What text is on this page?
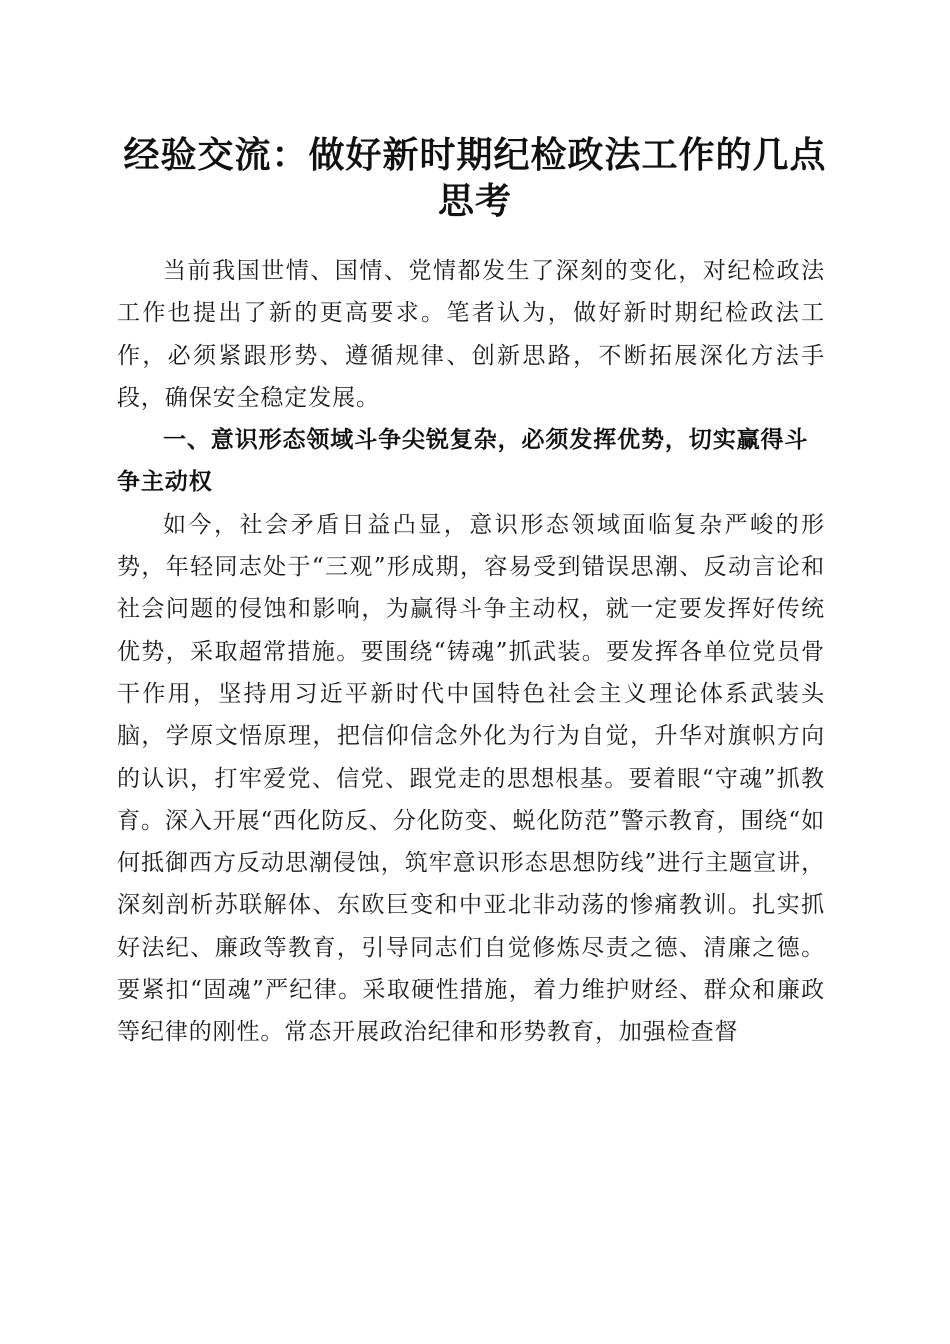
经验交流：做好新时期纪检政法工作的几点思考

当前我国世情、国情、党情都发生了深刻的变化，对纪检政法工作也提出了新的更高要求。笔者认为，做好新时期纪检政法工作，必须紧跟形势、遵循规律、创新思路，不断拓展深化方法手段，确保安全稳定发展。

一、意识形态领域斗争尖锐复杂，必须发挥优势，切实赢得斗争主动权

如今，社会矛盾日益凸显，意识形态领域面临复杂严峻的形势，年轻同志处于“三观”形成期，容易受到错误思潮、反动言论和社会问题的侵蚀和影响，为赢得斗争主动权，就一定要发挥好传统优势，采取超常措施。要围绕“铸魂”抓武装。要发挥各单位党员骨干作用，坚持用习近平新时代中国特色社会主义理论体系武装头脑，学原文悟原理，把信仰信念外化为行为自觉，升华对旗帜方向的认识，打牢爱党、信党、跟党走的思想根基。要着眼“守魂”抓教育。深入开展“西化防反、分化防变、蜕化防范”警示教育，围绕“如何抵御西方反动思潮侵蚀，筑牢意识形态思想防线”进行主题宣讲，深刻剖析苏联解体、东欧巨变和中亚北非动荡的惨痛教训。扎实抓好法纪、廉政等教育，引导同志们自觉修炼尽责之德、清廉之德。要紧扣“固魂”严纪律。采取硬性措施，着力维护财经、群众和廉政等纪律的刚性。常态开展政治纪律和形势教育，加强检查督
